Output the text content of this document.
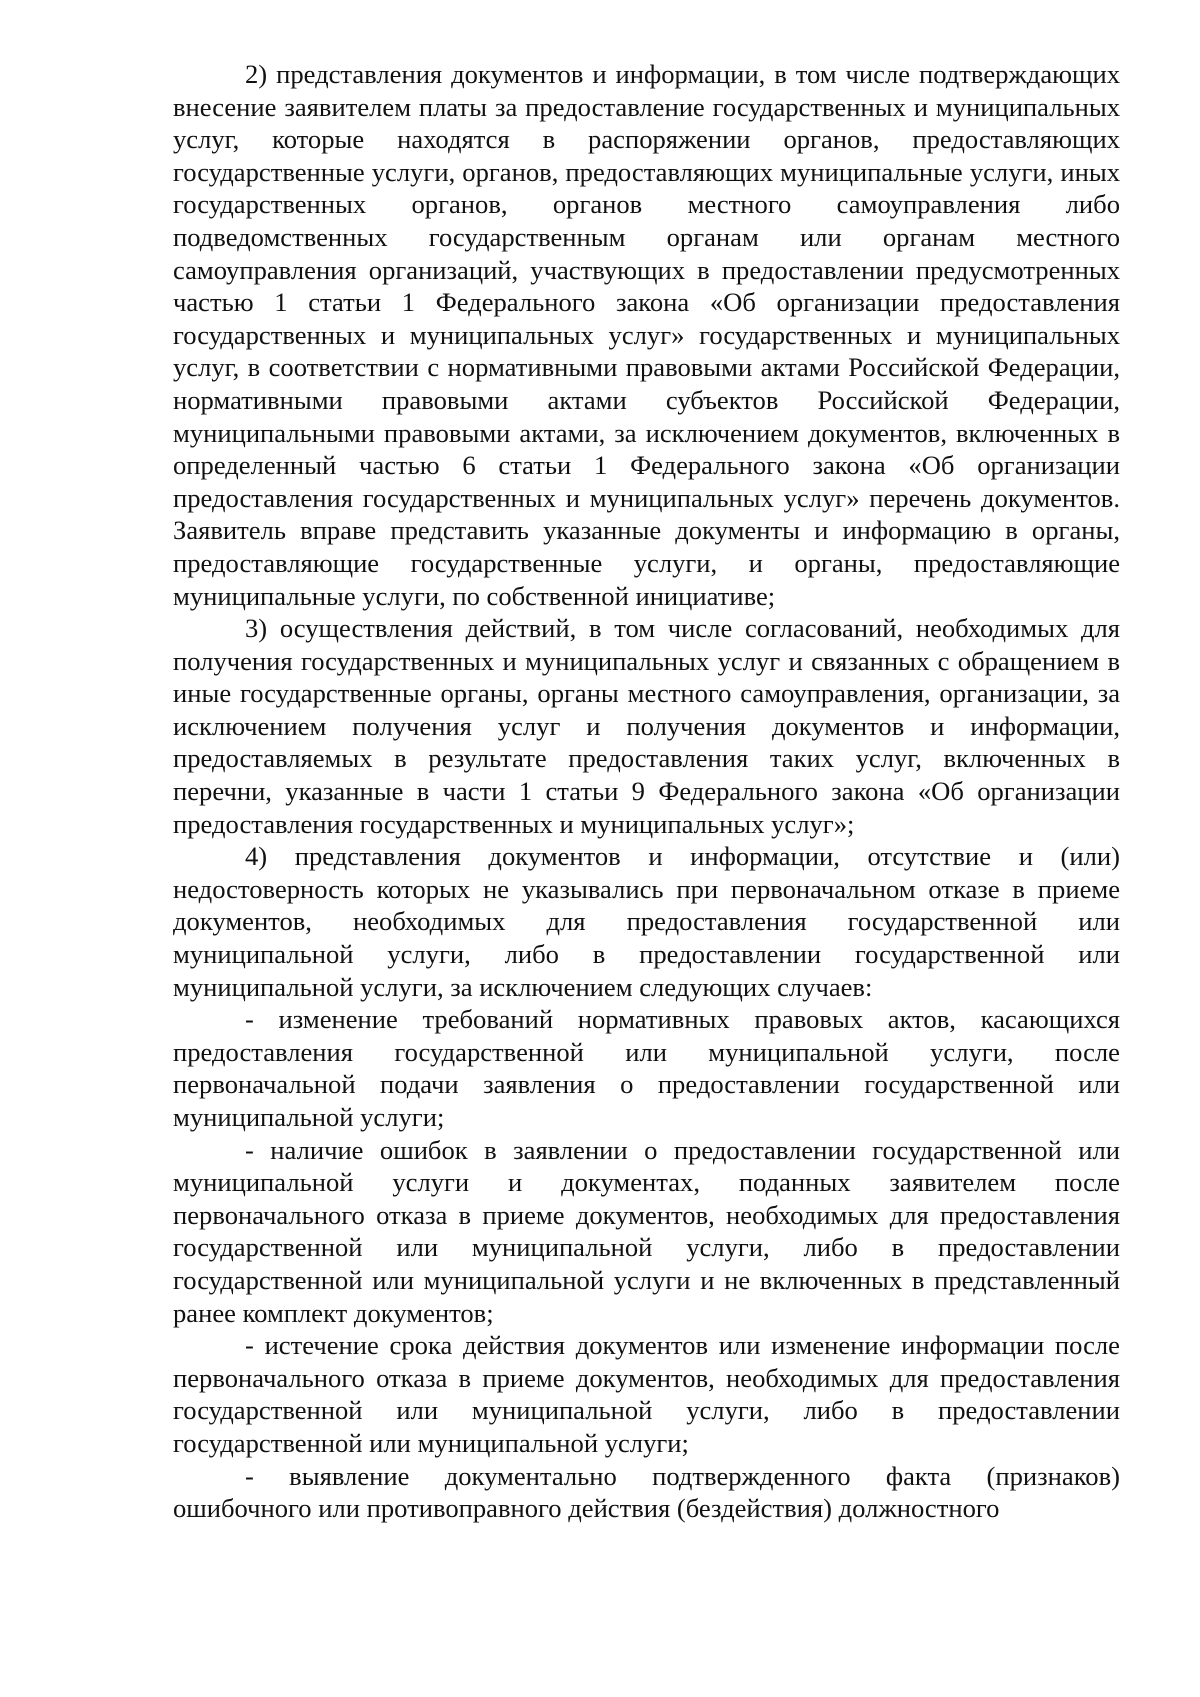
2) представления документов и информации, в том числе подтверждающих внесение заявителем платы за предоставление государственных и муниципальных услуг, которые находятся в распоряжении органов, предоставляющих государственные услуги, органов, предоставляющих муниципальные услуги, иных государственных органов, органов местного самоуправления либо подведомственных государственным органам или органам местного самоуправления организаций, участвующих в предоставлении предусмотренных частью 1 статьи 1 Федерального закона «Об организации предоставления государственных и муниципальных услуг» государственных и муниципальных услуг, в соответствии с нормативными правовыми актами Российской Федерации, нормативными правовыми актами субъектов Российской Федерации, муниципальными правовыми актами, за исключением документов, включенных в определенный частью 6 статьи 1 Федерального закона «Об организации предоставления государственных и муниципальных услуг» перечень документов. Заявитель вправе представить указанные документы и информацию в органы, предоставляющие государственные услуги, и органы, предоставляющие муниципальные услуги, по собственной инициативе;

3) осуществления действий, в том числе согласований, необходимых для получения государственных и муниципальных услуг и связанных с обращением в иные государственные органы, органы местного самоуправления, организации, за исключением получения услуг и получения документов и информации, предоставляемых в результате предоставления таких услуг, включенных в перечни, указанные в части 1 статьи 9 Федерального закона «Об организации предоставления государственных и муниципальных услуг»;

4) представления документов и информации, отсутствие и (или) недостоверность которых не указывались при первоначальном отказе в приеме документов, необходимых для предоставления государственной или муниципальной услуги, либо в предоставлении государственной или муниципальной услуги, за исключением следующих случаев:

- изменение требований нормативных правовых актов, касающихся предоставления государственной или муниципальной услуги, после первоначальной подачи заявления о предоставлении государственной или муниципальной услуги;

- наличие ошибок в заявлении о предоставлении государственной или муниципальной услуги и документах, поданных заявителем после первоначального отказа в приеме документов, необходимых для предоставления государственной или муниципальной услуги, либо в предоставлении государственной или муниципальной услуги и не включенных в представленный ранее комплект документов;

- истечение срока действия документов или изменение информации после первоначального отказа в приеме документов, необходимых для предоставления государственной или муниципальной услуги, либо в предоставлении государственной или муниципальной услуги;

- выявление документально подтвержденного факта (признаков) ошибочного или противоправного действия (бездействия) должностного
